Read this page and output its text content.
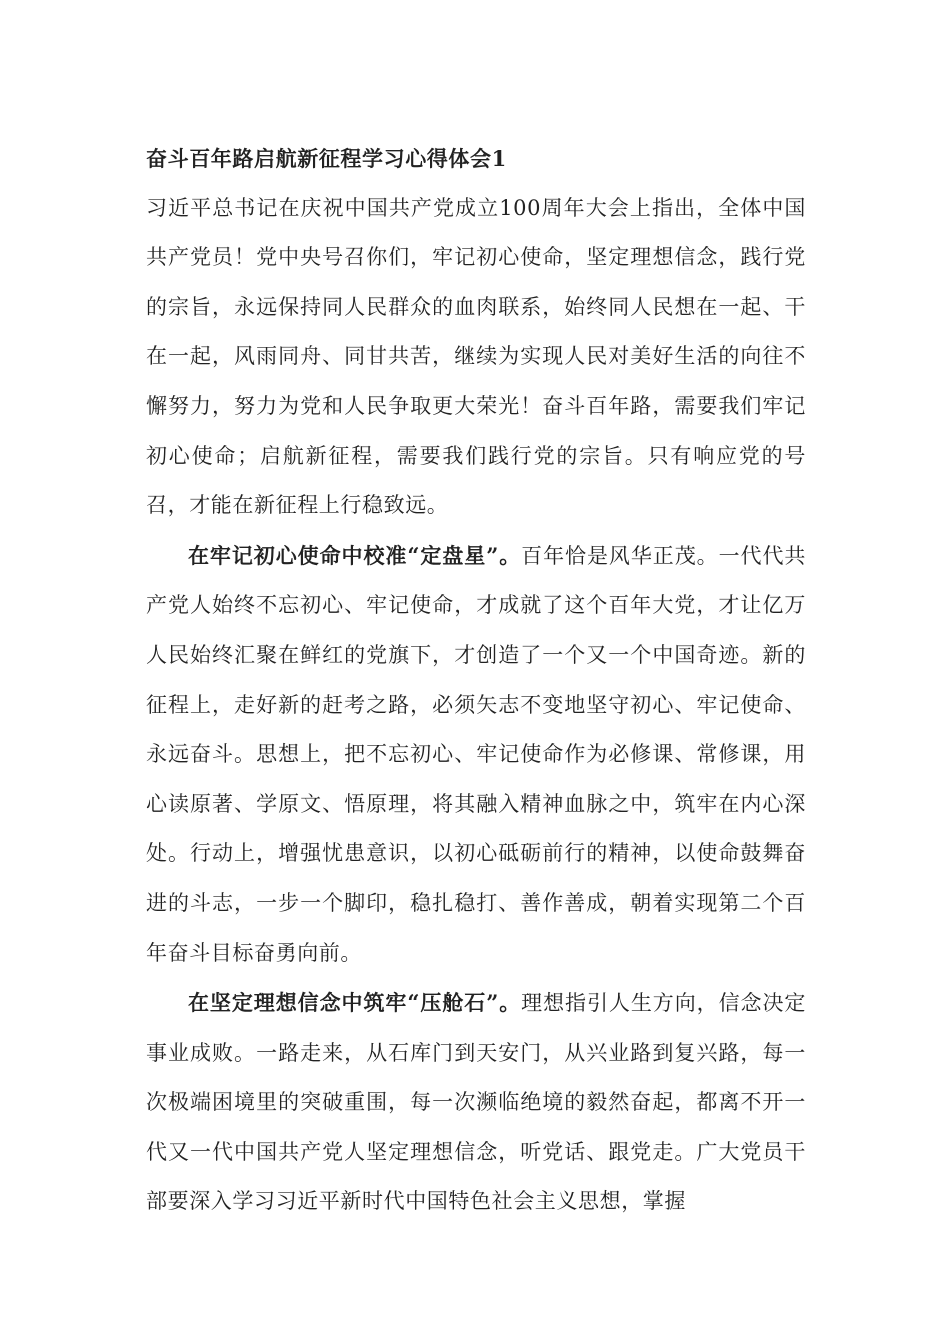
奋斗百年路启航新征程学习心得体会1

习近平总书记在庆祝中国共产党成立100周年大会上指出，全体中国共产党员！党中央号召你们，牢记初心使命，坚定理想信念，践行党的宗旨，永远保持同人民群众的血肉联系，始终同人民想在一起、干在一起，风雨同舟、同甘共苦，继续为实现人民对美好生活的向往不懈努力，努力为党和人民争取更大荣光！奋斗百年路，需要我们牢记初心使命；启航新征程，需要我们践行党的宗旨。只有响应党的号召，才能在新征程上行稳致远。

在牢记初心使命中校准“定盘星”。百年恰是风华正茂。一代代共产党人始终不忘初心、牢记使命，才成就了这个百年大党，才让亿万人民始终汇聚在鲜红的党旗下，才创造了一个又一个中国奇迹。新的征程上，走好新的赶考之路，必须矢志不变地坚守初心、牢记使命、永远奋斗。思想上，把不忘初心、牢记使命作为必修课、常修课，用心读原著、学原文、悟原理，将其融入精神血脉之中，筑牢在内心深处。行动上，增强忧患意识，以初心砥砺前行的精神，以使命鼓舞奋进的斗志，一步一个脚印，稳扎稳打、善作善成，朝着实现第二个百年奋斗目标奋勇向前。

在坚定理想信念中筑牢“压舱石”。理想指引人生方向，信念决定事业成败。一路走来，从石库门到天安门，从兴业路到复兴路，每一次极端困境里的突破重围，每一次濒临绝境的毅然奋起，都离不开一代又一代中国共产党人坚定理想信念，听党话、跟党走。广大党员干部要深入学习习近平新时代中国特色社会主义思想，掌握
